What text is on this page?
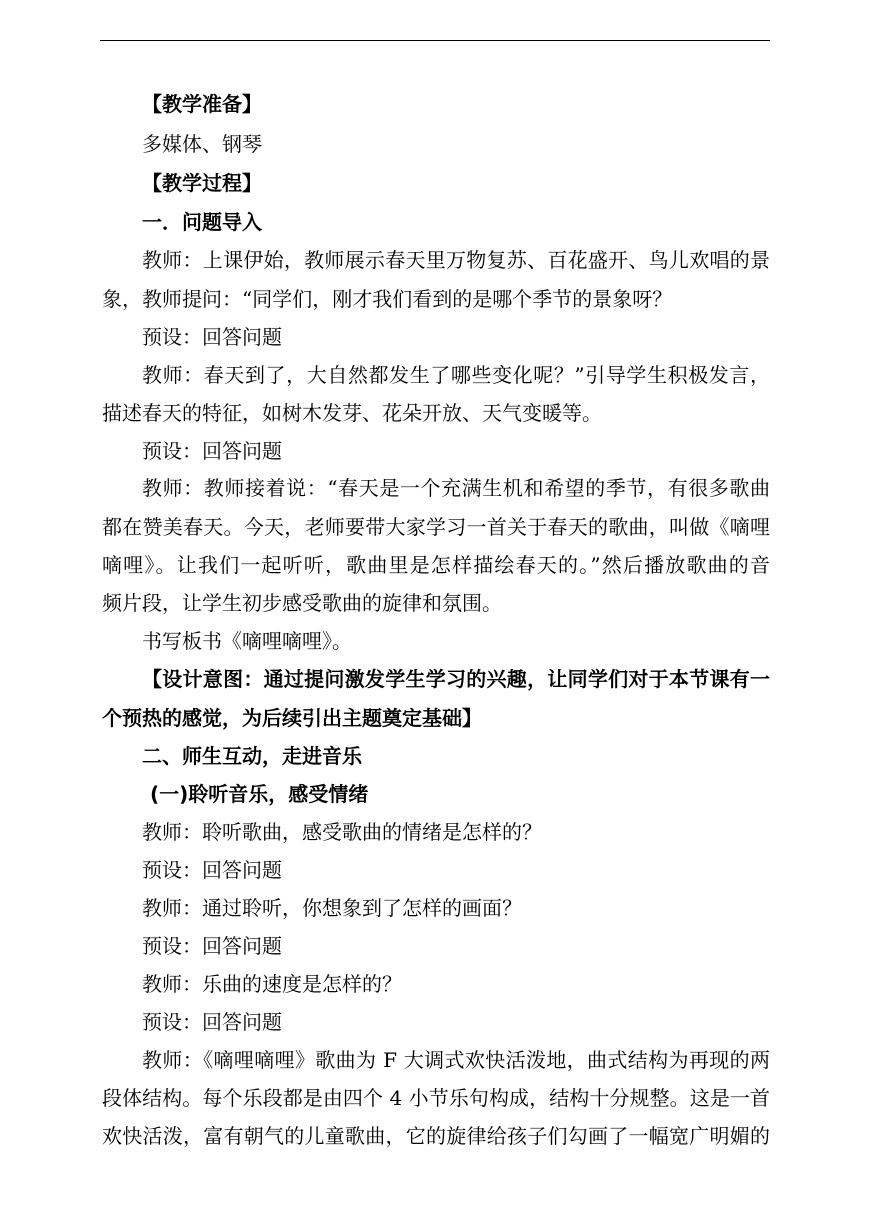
【教学准备】
多媒体、钢琴
【教学过程】
一．问题导入
教师：上课伊始，教师展示春天里万物复苏、百花盛开、鸟儿欢唱的景
象，教师提问：“同学们，刚才我们看到的是哪个季节的景象呀？
预设：回答问题
教师：春天到了，大自然都发生了哪些变化呢？”引导学生积极发言，
描述春天的特征，如树木发芽、花朵开放、天气变暖等。
预设：回答问题
教师：教师接着说：“春天是一个充满生机和希望的季节，有很多歌曲
都在赞美春天。今天，老师要带大家学习一首关于春天的歌曲，叫做《嘀哩
嘀哩》。让我们一起听听，歌曲里是怎样描绘春天的。”然后播放歌曲的音
频片段，让学生初步感受歌曲的旋律和氛围。
书写板书《嘀哩嘀哩》。
【设计意图：通过提问激发学生学习的兴趣，让同学们对于本节课有一
个预热的感觉，为后续引出主题奠定基础】
二、师生互动，走进音乐
(一)聆听音乐，感受情绪
教师：聆听歌曲，感受歌曲的情绪是怎样的？
预设：回答问题
教师：通过聆听，你想象到了怎样的画面？
预设：回答问题
教师：乐曲的速度是怎样的？
预设：回答问题
教师：《嘀哩嘀哩》歌曲为 F 大调式欢快活泼地，曲式结构为再现的两
段体结构。每个乐段都是由四个 4 小节乐句构成，结构十分规整。这是一首
欢快活泼，富有朝气的儿童歌曲，它的旋律给孩子们勾画了一幅宽广明媚的
